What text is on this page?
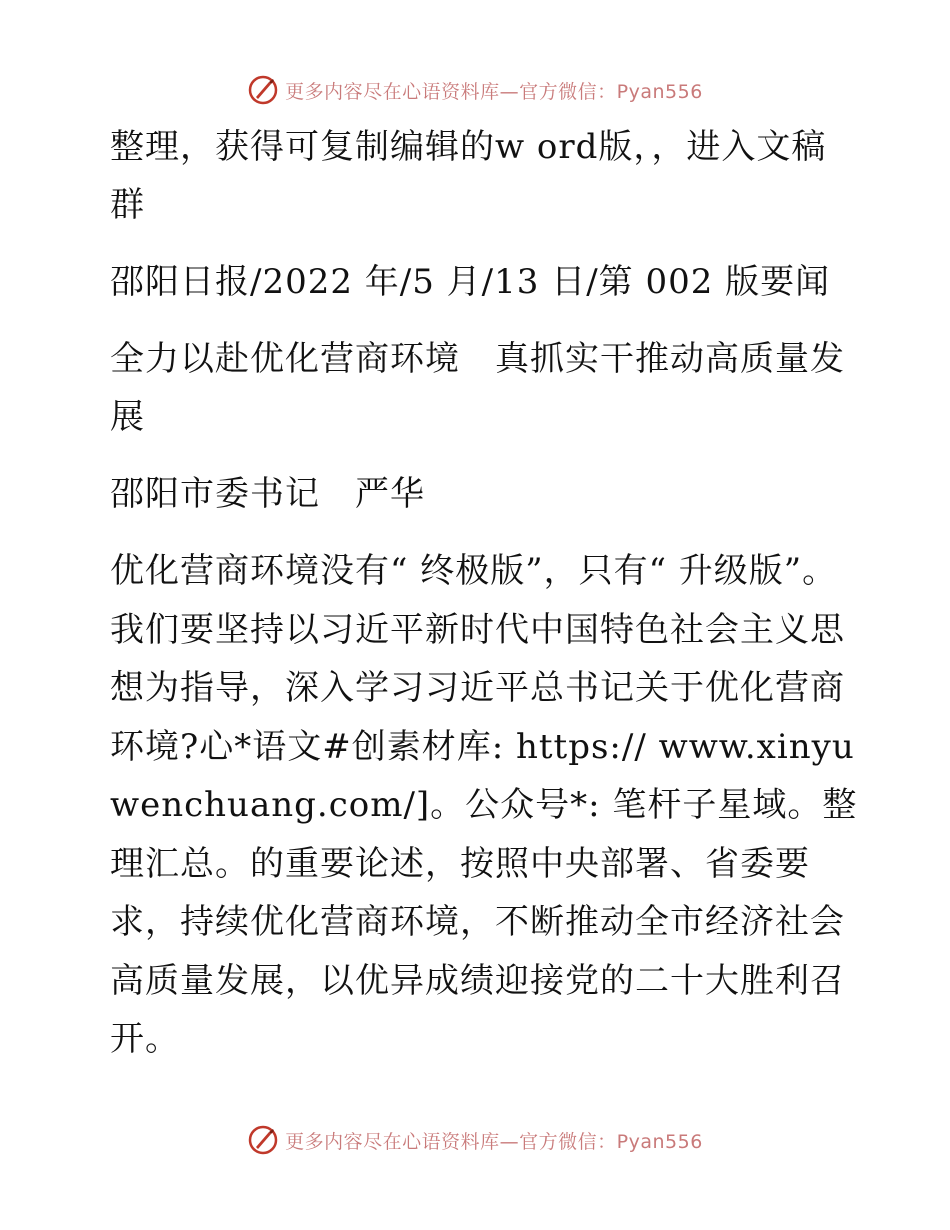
更多内容尽在心语资料库—官方微信：Pyan556

整理，获得可复制编辑的w ord版，，进入文稿群

邵阳日报/2022 年/5 月/13 日/第 002 版要闻

全力以赴优化营商环境　真抓实干推动高质量发展

邵阳市委书记　严华

优化营商环境没有“ 终极版”，只有“ 升级版”。我们要坚持以习近平新时代中国特色社会主义思想为指导，深入学习习近平总书记关于优化营商环境?心*语文#创素材库: https:// www.xinyuwenchuang.com/]。公众号*: 笔杆子星域。整理汇总。的重要论述，按照中央部署、省委要求，持续优化营商环境，不断推动全市经济社会高质量发展，以优异成绩迎接党的二十大胜利召开。

更多内容尽在心语资料库—官方微信：Pyan556
